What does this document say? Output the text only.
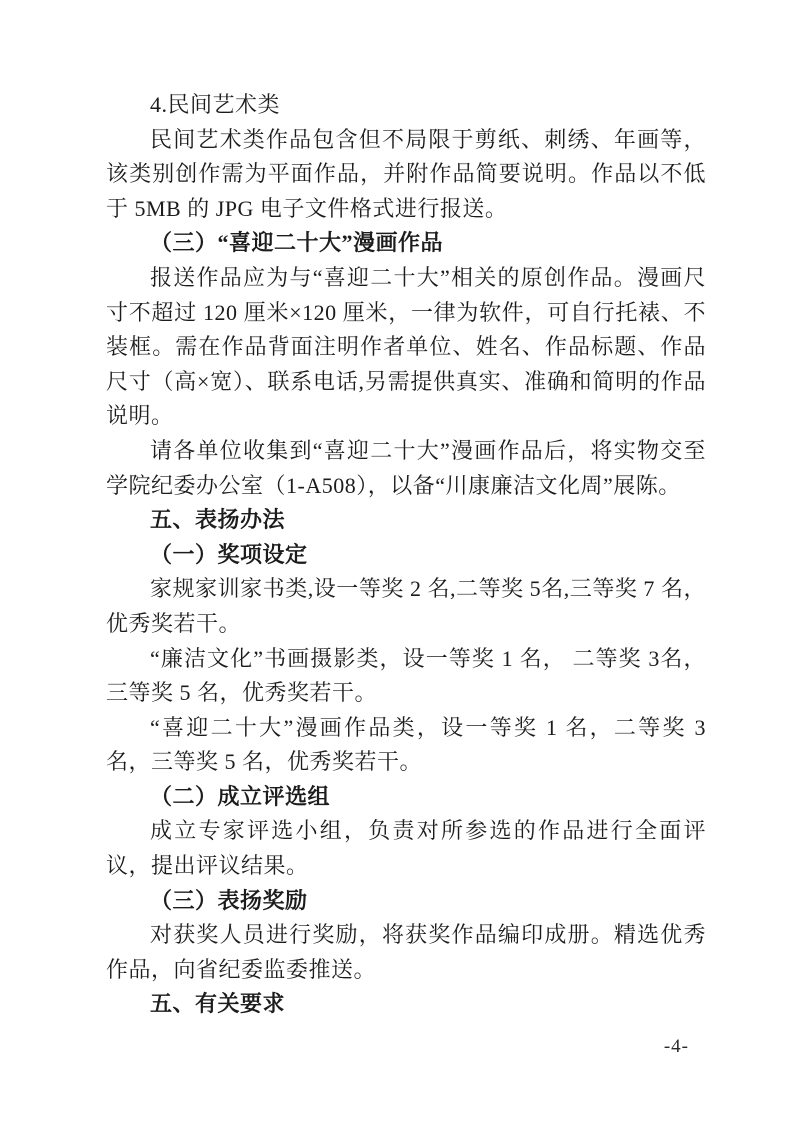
4.民间艺术类

民间艺术类作品包含但不局限于剪纸、刺绣、年画等，该类别创作需为平面作品，并附作品简要说明。作品以不低于 5MB 的 JPG 电子文件格式进行报送。

（三）“喜迎二十大”漫画作品

报送作品应为与“喜迎二十大”相关的原创作品。漫画尺寸不超过 120 厘米×120 厘米，一律为软件，可自行托裱、不装框。需在作品背面注明作者单位、姓名、作品标题、作品尺寸（高×宽）、联系电话,另需提供真实、准确和简明的作品说明。

请各单位收集到“喜迎二十大”漫画作品后，将实物交至学院纪委办公室（1-A508），以备“川康廉洁文化周”展陈。

五、表扬办法

（一）奖项设定

家规家训家书类,设一等奖 2 名,二等奖 5名,三等奖 7 名，优秀奖若干。

“廉洁文化”书画摄影类，设一等奖 1 名， 二等奖 3名，三等奖 5 名，优秀奖若干。

“喜迎二十大”漫画作品类，设一等奖 1 名，二等奖 3名，三等奖 5 名，优秀奖若干。

（二）成立评选组

成立专家评选小组，负责对所参选的作品进行全面评议，提出评议结果。

（三）表扬奖励

对获奖人员进行奖励，将获奖作品编印成册。精选优秀作品，向省纪委监委推送。

五、有关要求

-4-
